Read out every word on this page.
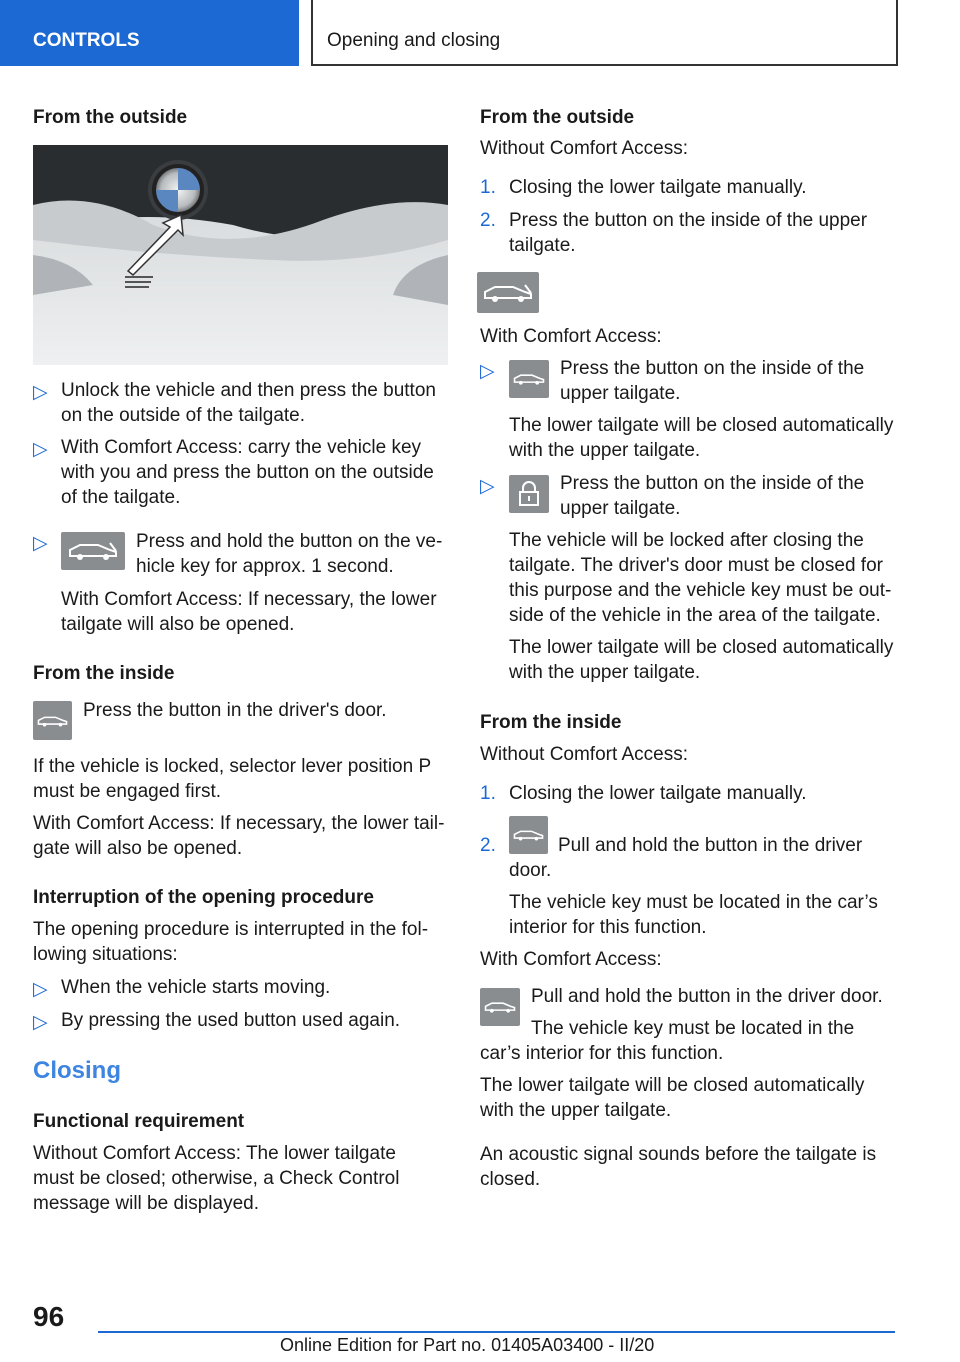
CONTROLS	Opening and closing
From the outside
▷ Unlock the vehicle and then press the button
on the outside of the tailgate.
▷ With Comfort Access: carry the vehicle key
with you and press the button on the outside
of the tailgate.
▷	Press and hold the button on the ve‐
hicle key for approx. 1 second.
With Comfort Access: If necessary, the lower
tailgate will also be opened.
From the inside
Press the button in the driver's door.
If the vehicle is locked, selector lever position P
must be engaged first.
With Comfort Access: If necessary, the lower tail‐
gate will also be opened.
Interruption of the opening procedure
The opening procedure is interrupted in the fol‐
lowing situations:
▷ When the vehicle starts moving.
▷ By pressing the used button used again.
Closing
Functional requirement
Without Comfort Access: The lower tailgate
must be closed; otherwise, a Check Control
message will be displayed.
From the outside
Without Comfort Access:
1. Closing the lower tailgate manually.
2. Press the button on the inside of the upper
tailgate.
With Comfort Access:
▷	Press the button on the inside of the
upper tailgate.
The lower tailgate will be closed automatically
with the upper tailgate.
▷	Press the button on the inside of the
upper tailgate.
The vehicle will be locked after closing the
tailgate. The driver's door must be closed for
this purpose and the vehicle key must be out‐
side of the vehicle in the area of the tailgate.
The lower tailgate will be closed automatically
with the upper tailgate.
From the inside
Without Comfort Access:
1. Closing the lower tailgate manually.
2.	Pull and hold the button in the driver
door.
The vehicle key must be located in the car’s
interior for this function.
With Comfort Access:
Pull and hold the button in the driver door.
The vehicle key must be located in the
car’s interior for this function.
The lower tailgate will be closed automatically
with the upper tailgate.
An acoustic signal sounds before the tailgate is
closed.
96
Online Edition for Part no. 01405A03400 - II/20
